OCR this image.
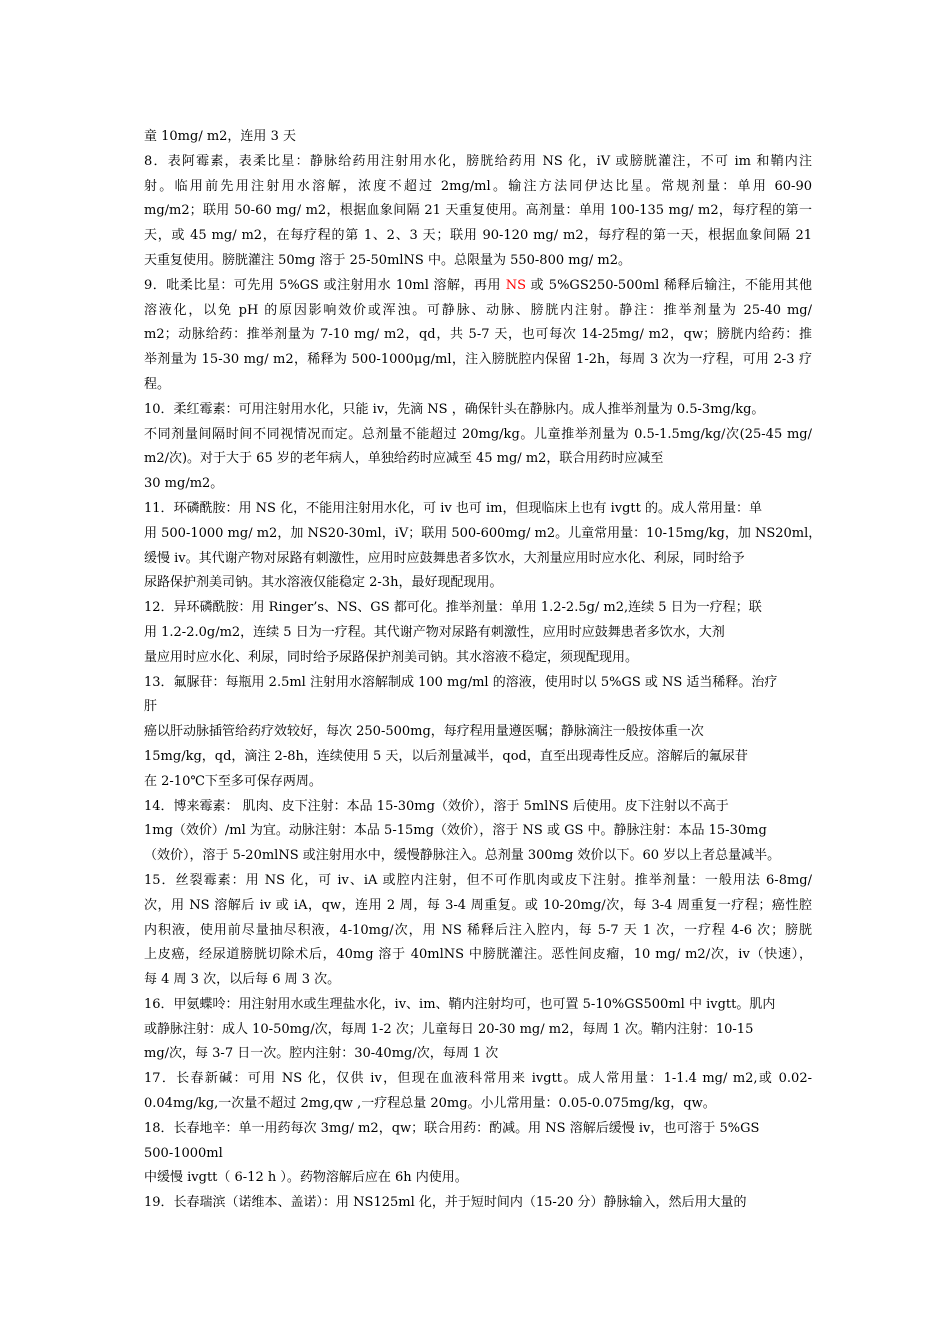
童 10mg/ m2，连用 3 天
8．表阿霉素，表柔比星：静脉给药用注射用水化，膀胱给药用 NS 化，iV 或膀胱灌注，不可 im 和鞘内注
射。临用前先用注射用水溶解，浓度不超过 2mg/ml。输注方法同伊达比星。常规剂量：单用 60-90
mg/m2；联用 50-60 mg/ m2，根据血象间隔 21 天重复使用。高剂量：单用 100-135 mg/ m2，每疗程的第一
天，或 45 mg/ m2，在每疗程的第 1、2、3 天；联用 90-120 mg/ m2，每疗程的第一天，根据血象间隔 21
天重复使用。膀胱灌注 50mg 溶于 25-50mlNS 中。总限量为 550-800 mg/ m2。
9．吡柔比星：可先用 5%GS 或注射用水 10ml 溶解，再用 NS 或 5%GS250-500ml 稀释后输注，不能用其他
溶液化，以免 pH 的原因影响效价或浑浊。可静脉、动脉、膀胱内注射。静注：推举剂量为 25-40 mg/
m2；动脉给药：推举剂量为 7-10 mg/ m2，qd，共 5-7 天，也可每次 14-25mg/ m2，qw；膀胱内给药：推
举剂量为 15-30 mg/ m2，稀释为 500-1000μg/ml，注入膀胱腔内保留 1-2h，每周 3 次为一疗程，可用 2-3 疗
程。
10．柔红霉素：可用注射用水化，只能 iv，先滴 NS ，确保针头在静脉内。成人推举剂量为 0.5-3mg/kg。
不同剂量间隔时间不同视情况而定。总剂量不能超过 20mg/kg。儿童推举剂量为 0.5-1.5mg/kg/次(25-45 mg/
m2/次)。对于大于 65 岁的老年病人，单独给药时应减至 45 mg/ m2，联合用药时应减至
30 mg/m2。
11．环磷酰胺：用 NS 化，不能用注射用水化，可 iv 也可 im，但现临床上也有 ivgtt 的。成人常用量：单
用 500-1000 mg/ m2，加 NS20-30ml，iV；联用 500-600mg/ m2。儿童常用量：10-15mg/kg，加 NS20ml，
缓慢 iv。其代谢产物对尿路有刺激性，应用时应鼓舞患者多饮水，大剂量应用时应水化、利尿，同时给予
尿路保护剂美司钠。其水溶液仅能稳定 2-3h，最好现配现用。
12．异环磷酰胺：用 Ringer’s、NS、GS 都可化。推举剂量：单用 1.2-2.5g/ m2,连续 5 日为一疗程；联
用 1.2-2.0g/m2，连续 5 日为一疗程。其代谢产物对尿路有刺激性，应用时应鼓舞患者多饮水，大剂
量应用时应水化、利尿，同时给予尿路保护剂美司钠。其水溶液不稳定，须现配现用。
13．氟脲苷：每瓶用 2.5ml 注射用水溶解制成 100 mg/ml 的溶液，使用时以 5%GS 或 NS 适当稀释。治疗
肝
癌以肝动脉插管给药疗效较好，每次 250-500mg，每疗程用量遵医嘱；静脉滴注一般按体重一次
15mg/kg，qd，滴注 2-8h，连续使用 5 天，以后剂量减半，qod，直至出现毒性反应。溶解后的氟尿苷
在 2-10℃下至多可保存两周。
14．博来霉素： 肌肉、皮下注射：本品 15-30mg（效价），溶于 5mlNS 后使用。皮下注射以不高于
1mg（效价）/ml 为宜。动脉注射：本品 5-15mg（效价），溶于 NS 或 GS 中。静脉注射：本品 15-30mg
（效价），溶于 5-20mlNS 或注射用水中，缓慢静脉注入。总剂量 300mg 效价以下。60 岁以上者总量减半。
15．丝裂霉素：用 NS 化，可 iv、iA 或腔内注射，但不可作肌肉或皮下注射。推举剂量：一般用法 6-8mg/
次，用 NS 溶解后 iv 或 iA，qw，连用 2 周，每 3-4 周重复。或 10-20mg/次，每 3-4 周重复一疗程；癌性腔
内积液，使用前尽量抽尽积液，4-10mg/次，用 NS 稀释后注入腔内，每 5-7 天 1 次，一疗程 4-6 次；膀胱
上皮癌，经尿道膀胱切除术后，40mg 溶于 40mlNS 中膀胱灌注。恶性间皮瘤，10 mg/ m2/次，iv（快速），
每 4 周 3 次，以后每 6 周 3 次。
16．甲氨蝶呤：用注射用水或生理盐水化，iv、im、鞘内注射均可，也可置 5-10%GS500ml 中 ivgtt。肌内
或静脉注射：成人 10-50mg/次，每周 1-2 次；儿童每日 20-30 mg/ m2，每周 1 次。鞘内注射：10-15
mg/次，每 3-7 日一次。腔内注射：30-40mg/次，每周 1 次
17．长春新碱：可用 NS 化，仅供 iv，但现在血液科常用来 ivgtt。成人常用量：1-1.4 mg/ m2,或 0.02-
0.04mg/kg,一次量不超过 2mg,qw ,一疗程总量 20mg。小儿常用量：0.05-0.075mg/kg，qw。
18．长春地辛：单一用药每次 3mg/ m2，qw；联合用药：酌减。用 NS 溶解后缓慢 iv，也可溶于 5%GS
500-1000ml
中缓慢 ivgtt（ 6-12 h ）。药物溶解后应在 6h 内使用。
19．长春瑞滨（诺维本、盖诺）：用 NS125ml 化，并于短时间内（15-20 分）静脉输入，然后用大量的
